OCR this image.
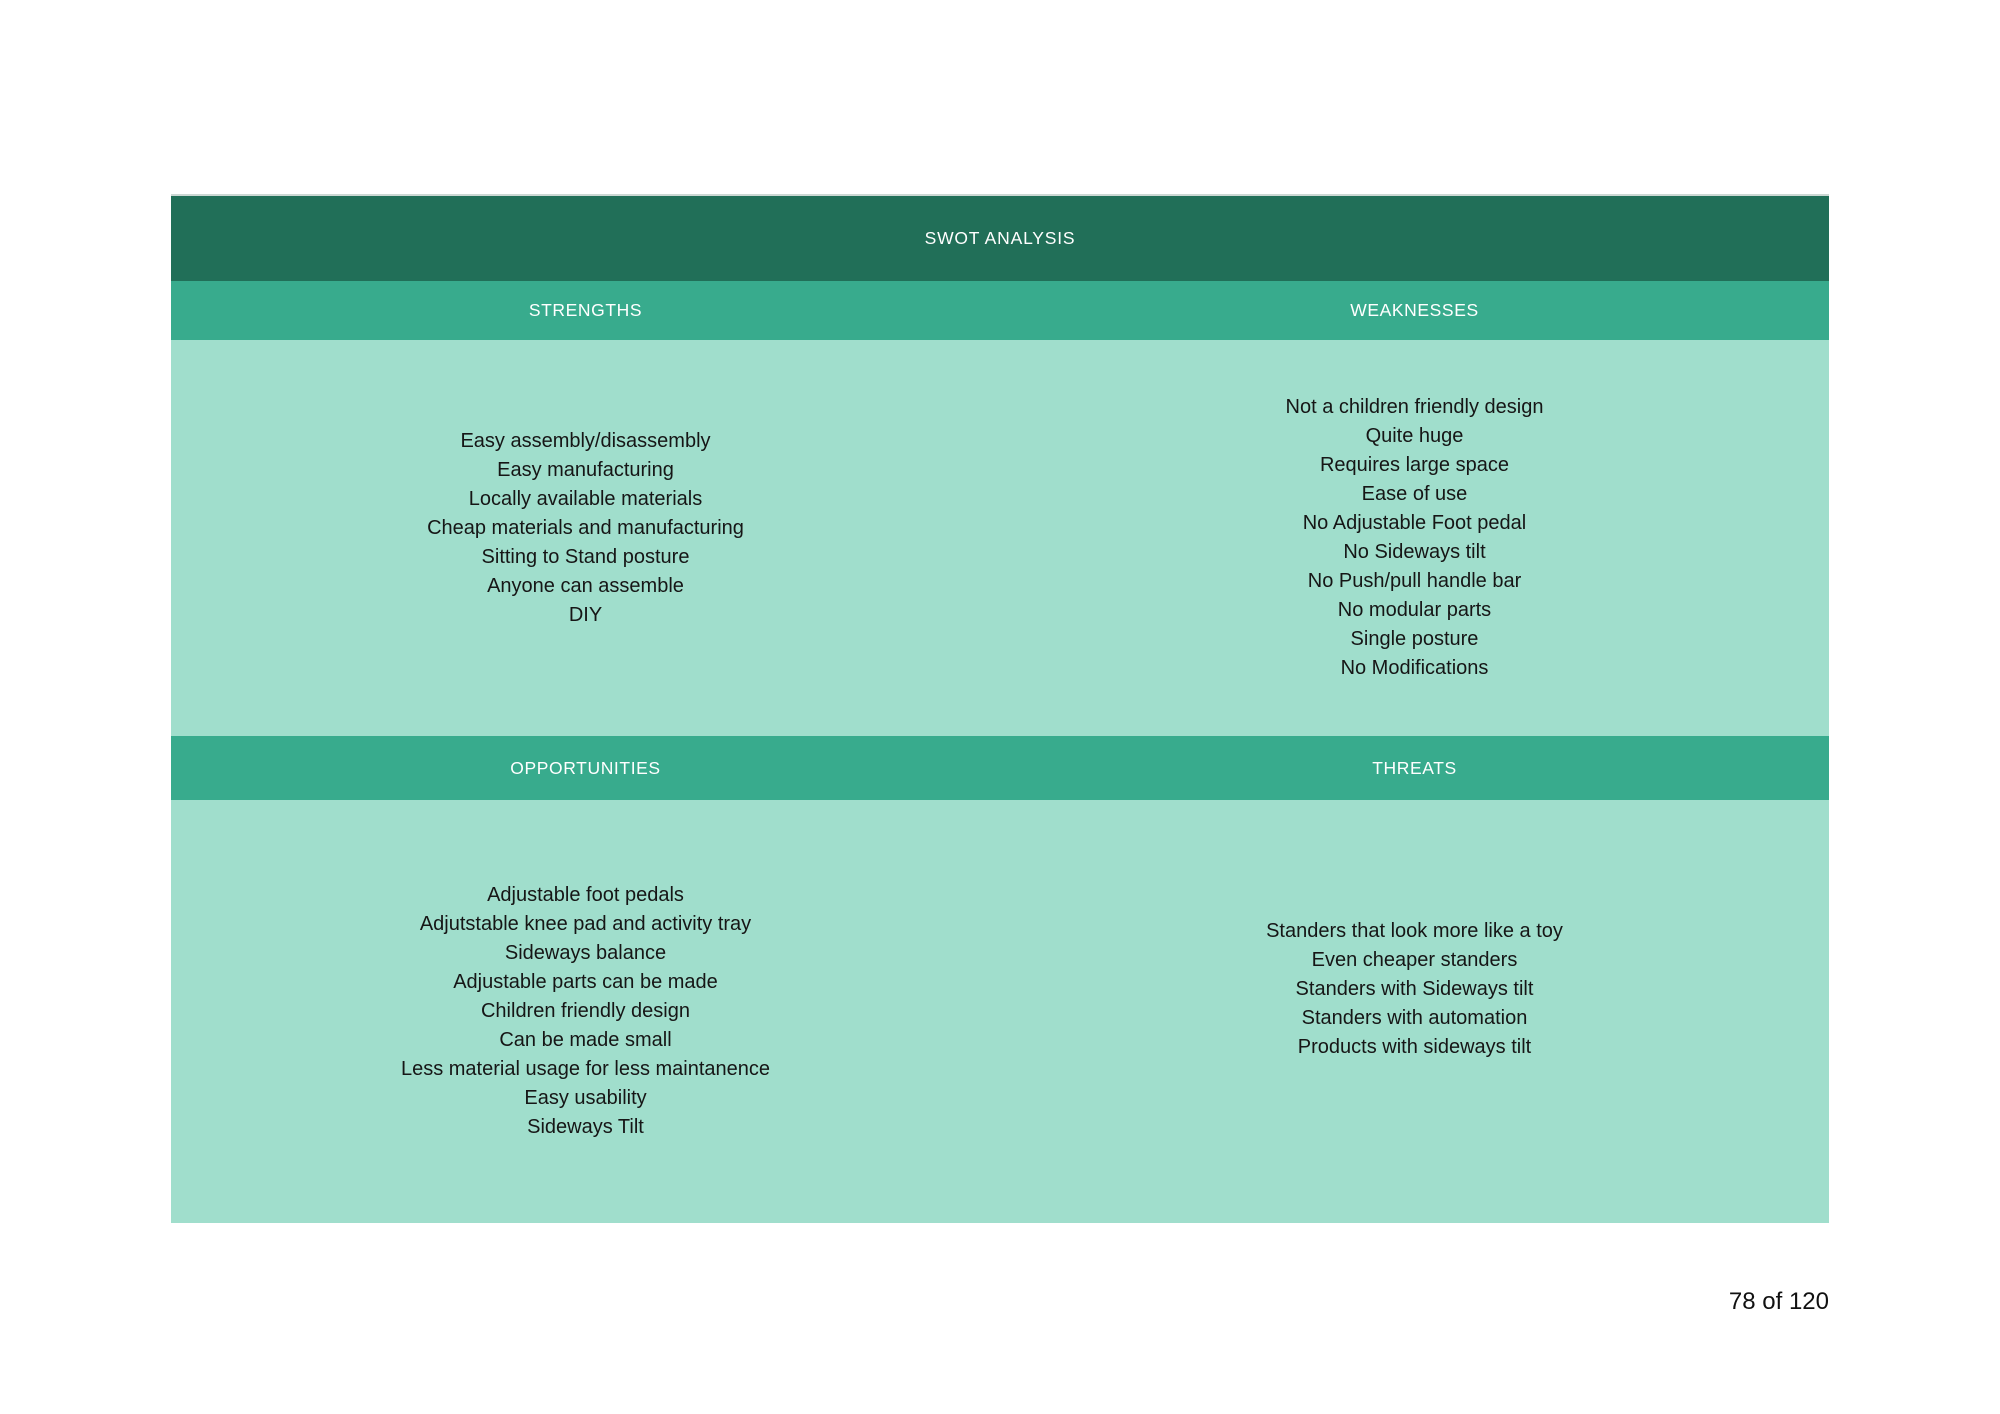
SWOT ANALYSIS
STRENGTHS	WEAKNESSES
Easy assembly/disassembly
Easy manufacturing
Locally available materials
Cheap materials and manufacturing
Sitting to Stand posture
Anyone can assemble
DIY
Not a children friendly design
Quite huge
Requires large space
Ease of use
No Adjustable Foot pedal
No Sideways tilt
No Push/pull handle bar
No modular parts
Single posture
No Modifications
OPPORTUNITIES	THREATS
Adjustable foot pedals
Adjutstable knee pad and activity tray
Sideways balance
Adjustable parts can be made
Children friendly design
Can be made small
Less material usage for less maintanence
Easy usability
Sideways Tilt
Standers that look more like a toy
Even cheaper standers
Standers with Sideways tilt
Standers with automation
Products with sideways tilt
78 of 120
